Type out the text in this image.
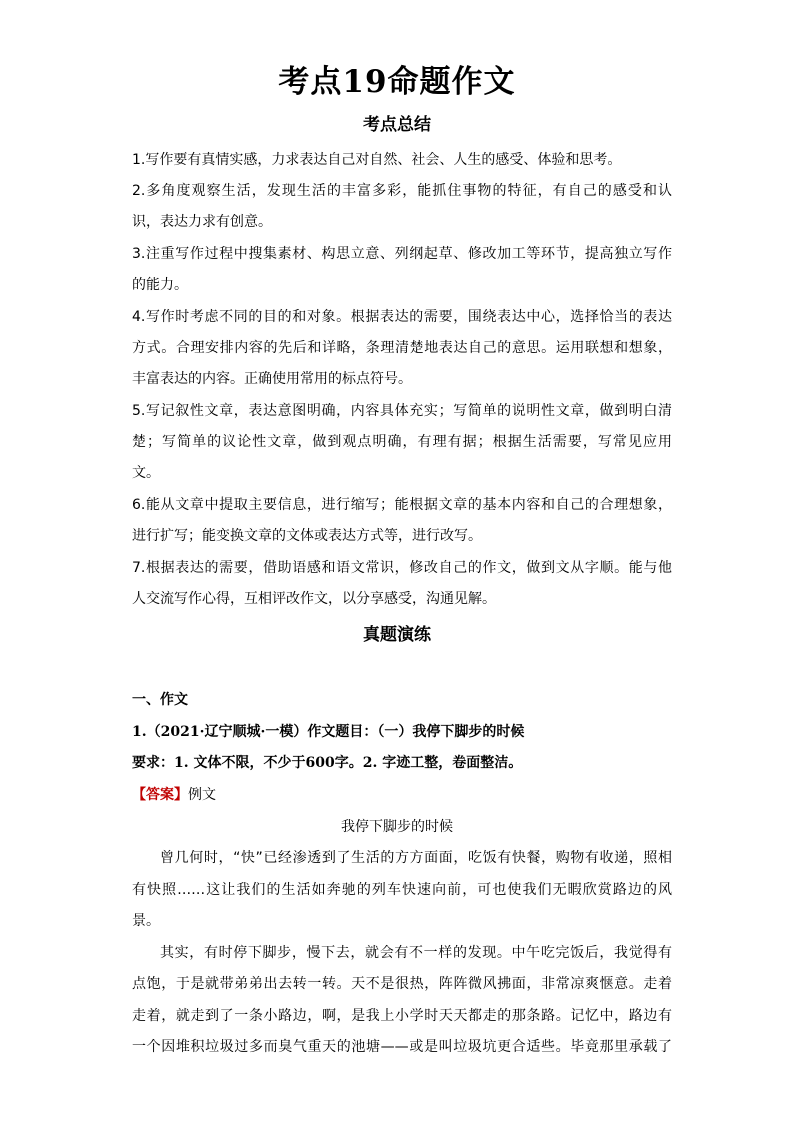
考点19命题作文
考点总结
1.写作要有真情实感，力求表达自己对自然、社会、人生的感受、体验和思考。
2.多角度观察生活，发现生活的丰富多彩，能抓住事物的特征，有自己的感受和认
识，表达力求有创意。
3.注重写作过程中搜集素材、构思立意、列纲起草、修改加工等环节，提高独立写作
的能力。
4.写作时考虑不同的目的和对象。根据表达的需要，围绕表达中心，选择恰当的表达
方式。合理安排内容的先后和详略，条理清楚地表达自己的意思。运用联想和想象，
丰富表达的内容。正确使用常用的标点符号。
5.写记叙性文章，表达意图明确，内容具体充实；写简单的说明性文章，做到明白清
楚；写简单的议论性文章，做到观点明确，有理有据；根据生活需要，写常见应用
文。
6.能从文章中提取主要信息，进行缩写；能根据文章的基本内容和自己的合理想象，
进行扩写；能变换文章的文体或表达方式等，进行改写。
7.根据表达的需要，借助语感和语文常识，修改自己的作文，做到文从字顺。能与他
人交流写作心得，互相评改作文，以分享感受，沟通见解。
真题演练
一、作文
1.（2021·辽宁顺城·一模）作文题目：（一）我停下脚步的时候
要求：1. 文体不限，不少于600字。2. 字迹工整，卷面整洁。
【答案】例文
我停下脚步的时候
曾几何时，“快”已经渗透到了生活的方方面面，吃饭有快餐，购物有收递，照相
有快照……这让我们的生活如奔驰的列车快速向前，可也使我们无暇欣赏路边的风
景。
其实，有时停下脚步，慢下去，就会有不一样的发现。中午吃完饭后，我觉得有
点饱，于是就带弟弟出去转一转。天不是很热，阵阵微风拂面，非常凉爽惬意。走着
走着，就走到了一条小路边，啊，是我上小学时天天都走的那条路。记忆中，路边有
一个因堆积垃圾过多而臭气重天的池塘——或是叫垃圾坑更合适些。毕竟那里承载了
